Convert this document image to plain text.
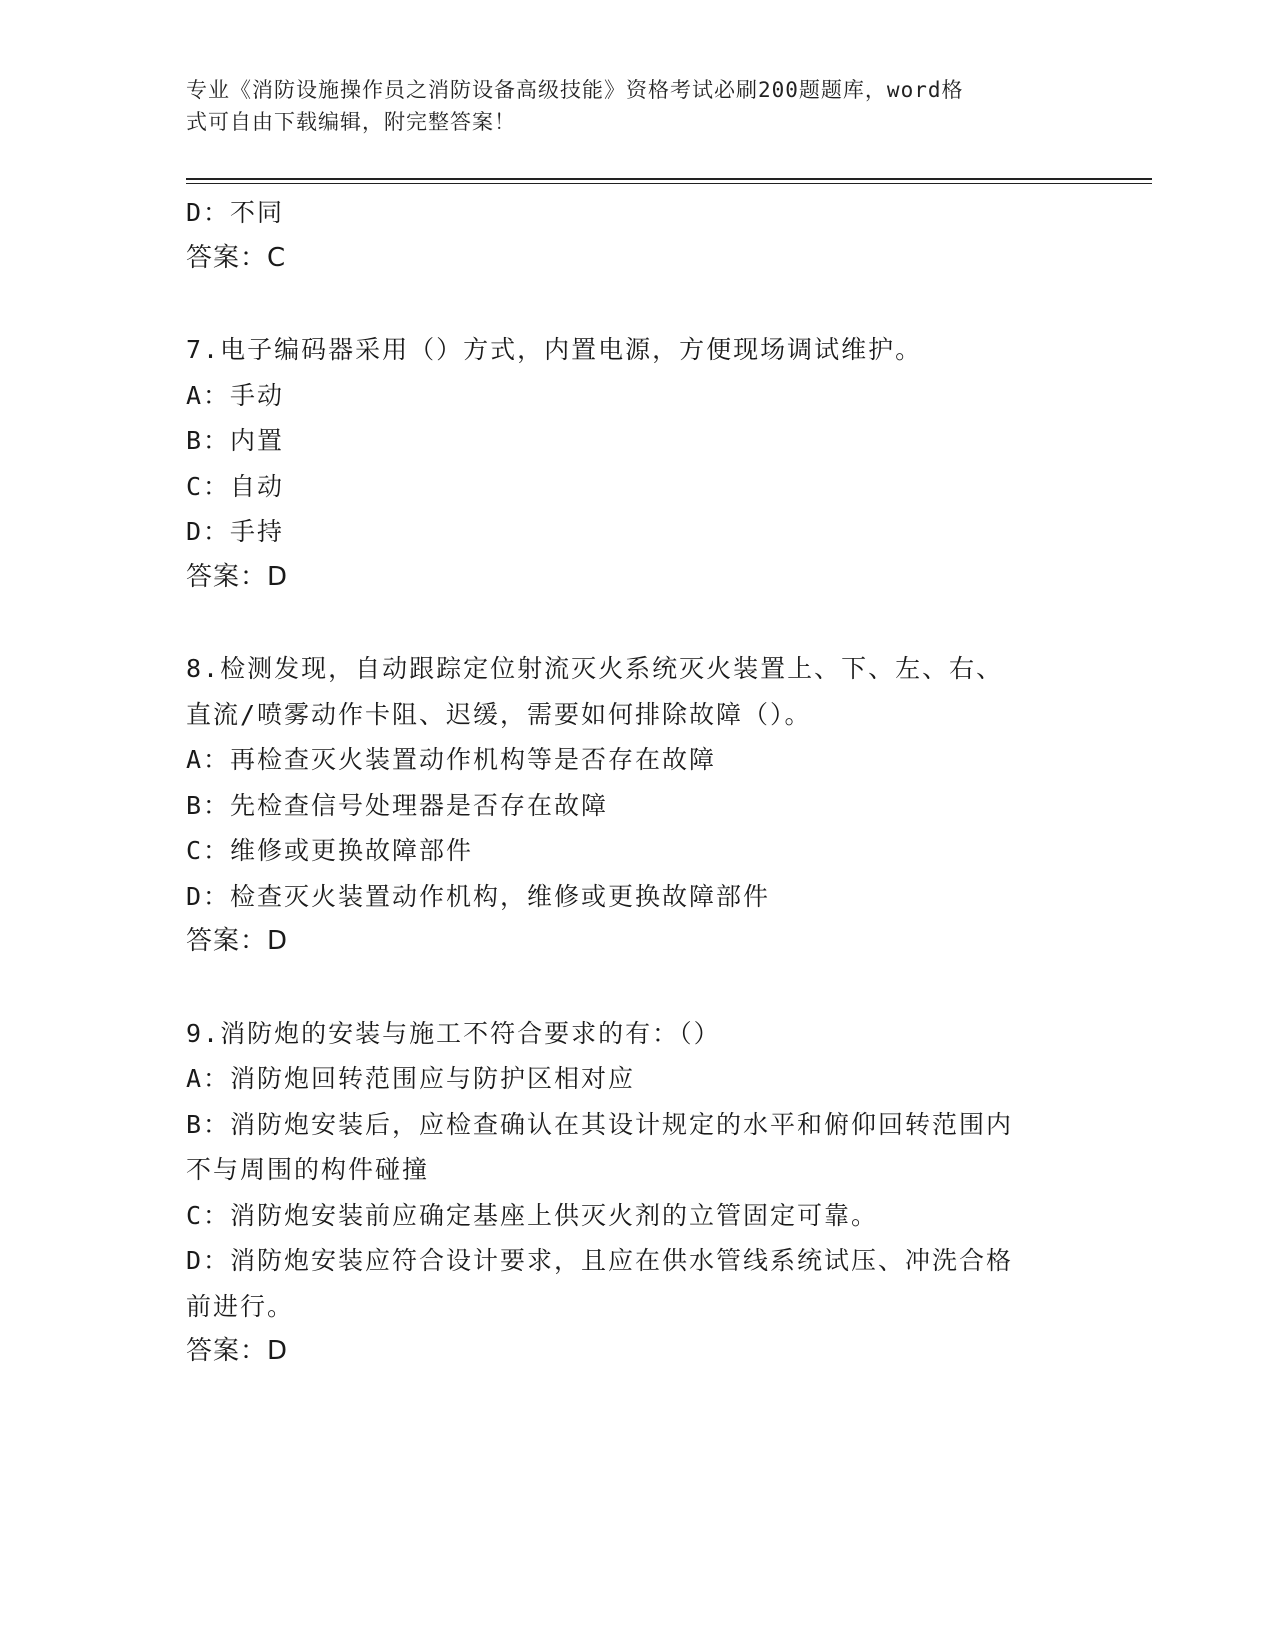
专业《消防设施操作员之消防设备高级技能》资格考试必刷200题题库，word格
式可自由下载编辑，附完整答案！
D：不同
答案：C
7.电子编码器采用（）方式，内置电源，方便现场调试维护。
A：手动
B：内置
C：自动
D：手持
答案：D
8.检测发现，自动跟踪定位射流灭火系统灭火装置上、下、左、右、
直流/喷雾动作卡阻、迟缓，需要如何排除故障（）。
A：再检查灭火装置动作机构等是否存在故障
B：先检查信号处理器是否存在故障
C：维修或更换故障部件
D：检查灭火装置动作机构，维修或更换故障部件
答案：D
9.消防炮的安装与施工不符合要求的有：（）
A：消防炮回转范围应与防护区相对应
B：消防炮安装后，应检查确认在其设计规定的水平和俯仰回转范围内
不与周围的构件碰撞
C：消防炮安装前应确定基座上供灭火剂的立管固定可靠。
D：消防炮安装应符合设计要求，且应在供水管线系统试压、冲洗合格
前进行。
答案：D
